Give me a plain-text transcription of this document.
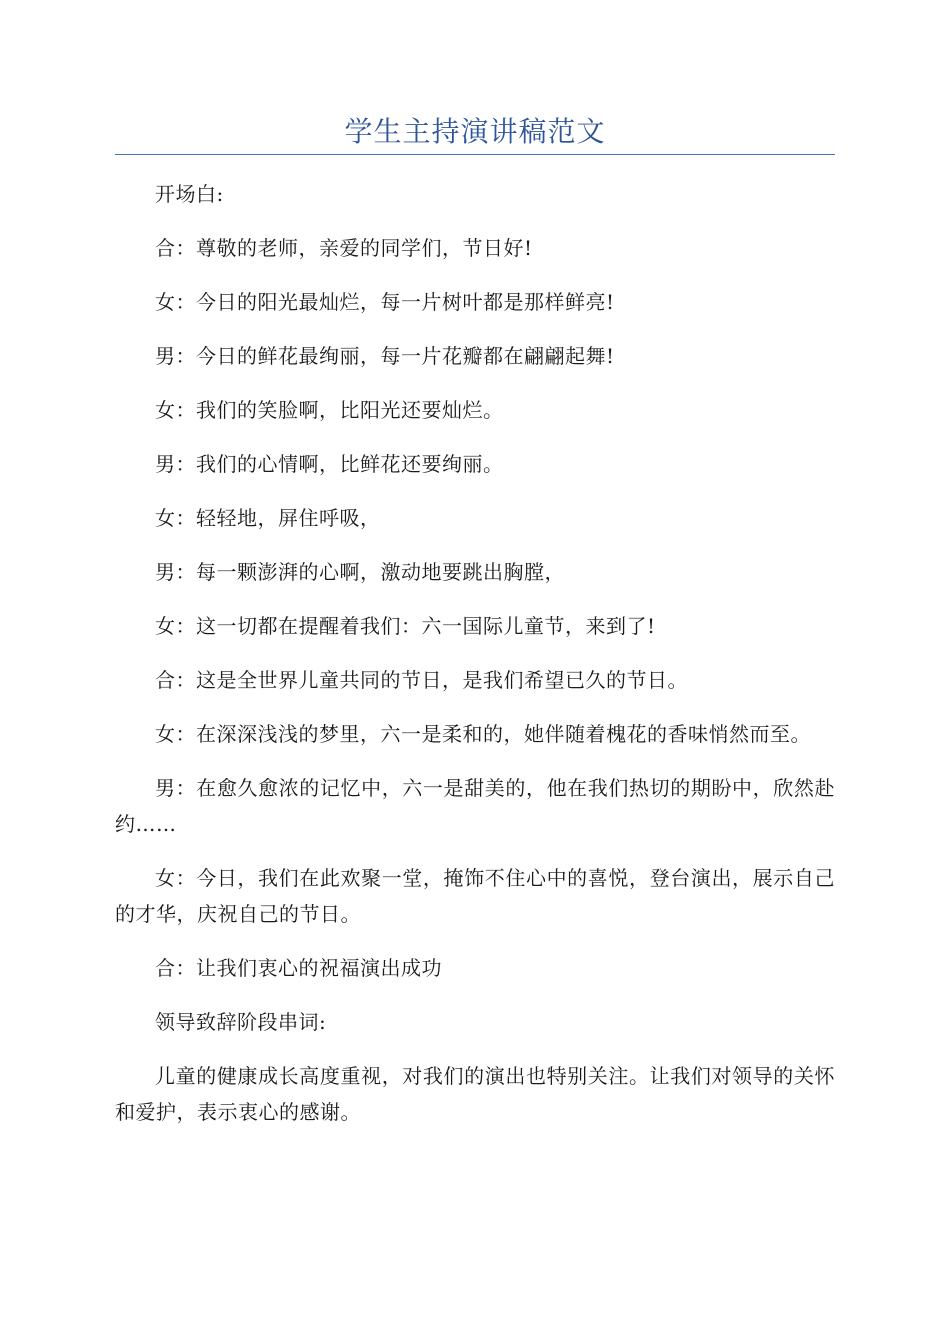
学生主持演讲稿范文

开场白:

合：尊敬的老师，亲爱的同学们，节日好!

女：今日的阳光最灿烂，每一片树叶都是那样鲜亮!

男：今日的鲜花最绚丽，每一片花瓣都在翩翩起舞!

女：我们的笑脸啊，比阳光还要灿烂。

男：我们的心情啊，比鲜花还要绚丽。

女：轻轻地，屏住呼吸，

男：每一颗澎湃的心啊，激动地要跳出胸膛，

女：这一切都在提醒着我们：六一国际儿童节，来到了!

合：这是全世界儿童共同的节日，是我们希望已久的节日。

女：在深深浅浅的梦里，六一是柔和的，她伴随着槐花的香味悄然而至。

男：在愈久愈浓的记忆中，六一是甜美的，他在我们热切的期盼中，欣然赴约……

女：今日，我们在此欢聚一堂，掩饰不住心中的喜悦，登台演出，展示自己的才华，庆祝自己的节日。

合：让我们衷心的祝福演出成功

领导致辞阶段串词:

儿童的健康成长高度重视，对我们的演出也特别关注。让我们对领导的关怀和爱护，表示衷心的感谢。
